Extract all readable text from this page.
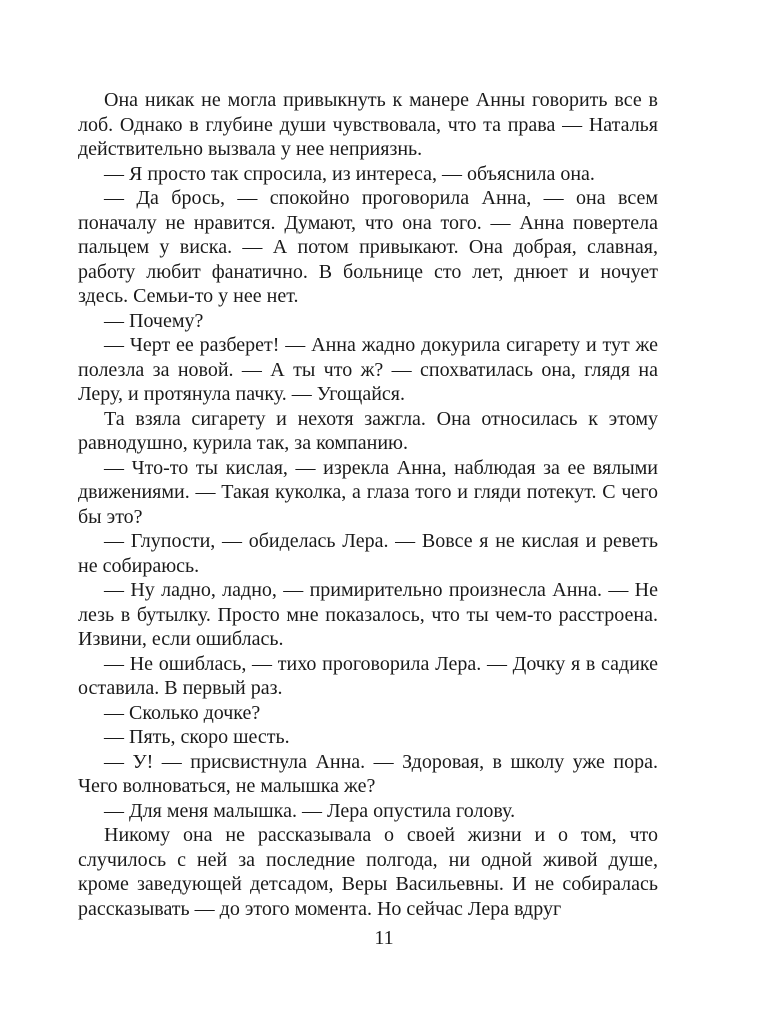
Она никак не могла привыкнуть к манере Анны говорить все в лоб. Однако в глубине души чувствовала, что та права — Наталья действительно вызвала у нее неприязнь.

— Я просто так спросила, из интереса, — объяснила она.

— Да брось, — спокойно проговорила Анна, — она всем поначалу не нравится. Думают, что она того. — Анна повертела пальцем у виска. — А потом привыкают. Она добрая, славная, работу любит фанатично. В больнице сто лет, днюет и ночует здесь. Семьи-то у нее нет.

— Почему?

— Черт ее разберет! — Анна жадно докурила сигарету и тут же полезла за новой. — А ты что ж? — спохватилась она, глядя на Леру, и протянула пачку. — Угощайся.

Та взяла сигарету и нехотя зажгла. Она относилась к этому равнодушно, курила так, за компанию.

— Что-то ты кислая, — изрекла Анна, наблюдая за ее вялыми движениями. — Такая куколка, а глаза того и гляди потекут. С чего бы это?

— Глупости, — обиделась Лера. — Вовсе я не кислая и реветь не собираюсь.

— Ну ладно, ладно, — примирительно произнесла Анна. — Не лезь в бутылку. Просто мне показалось, что ты чем-то расстроена. Извини, если ошиблась.

— Не ошиблась, — тихо проговорила Лера. — Дочку я в садике оставила. В первый раз.

— Сколько дочке?

— Пять, скоро шесть.

— У! — присвистнула Анна. — Здоровая, в школу уже пора. Чего волноваться, не малышка же?

— Для меня малышка. — Лера опустила голову.

Никому она не рассказывала о своей жизни и о том, что случилось с ней за последние полгода, ни одной живой душе, кроме заведующей детсадом, Веры Васильевны. И не собиралась рассказывать — до этого момента. Но сейчас Лера вдруг

11
